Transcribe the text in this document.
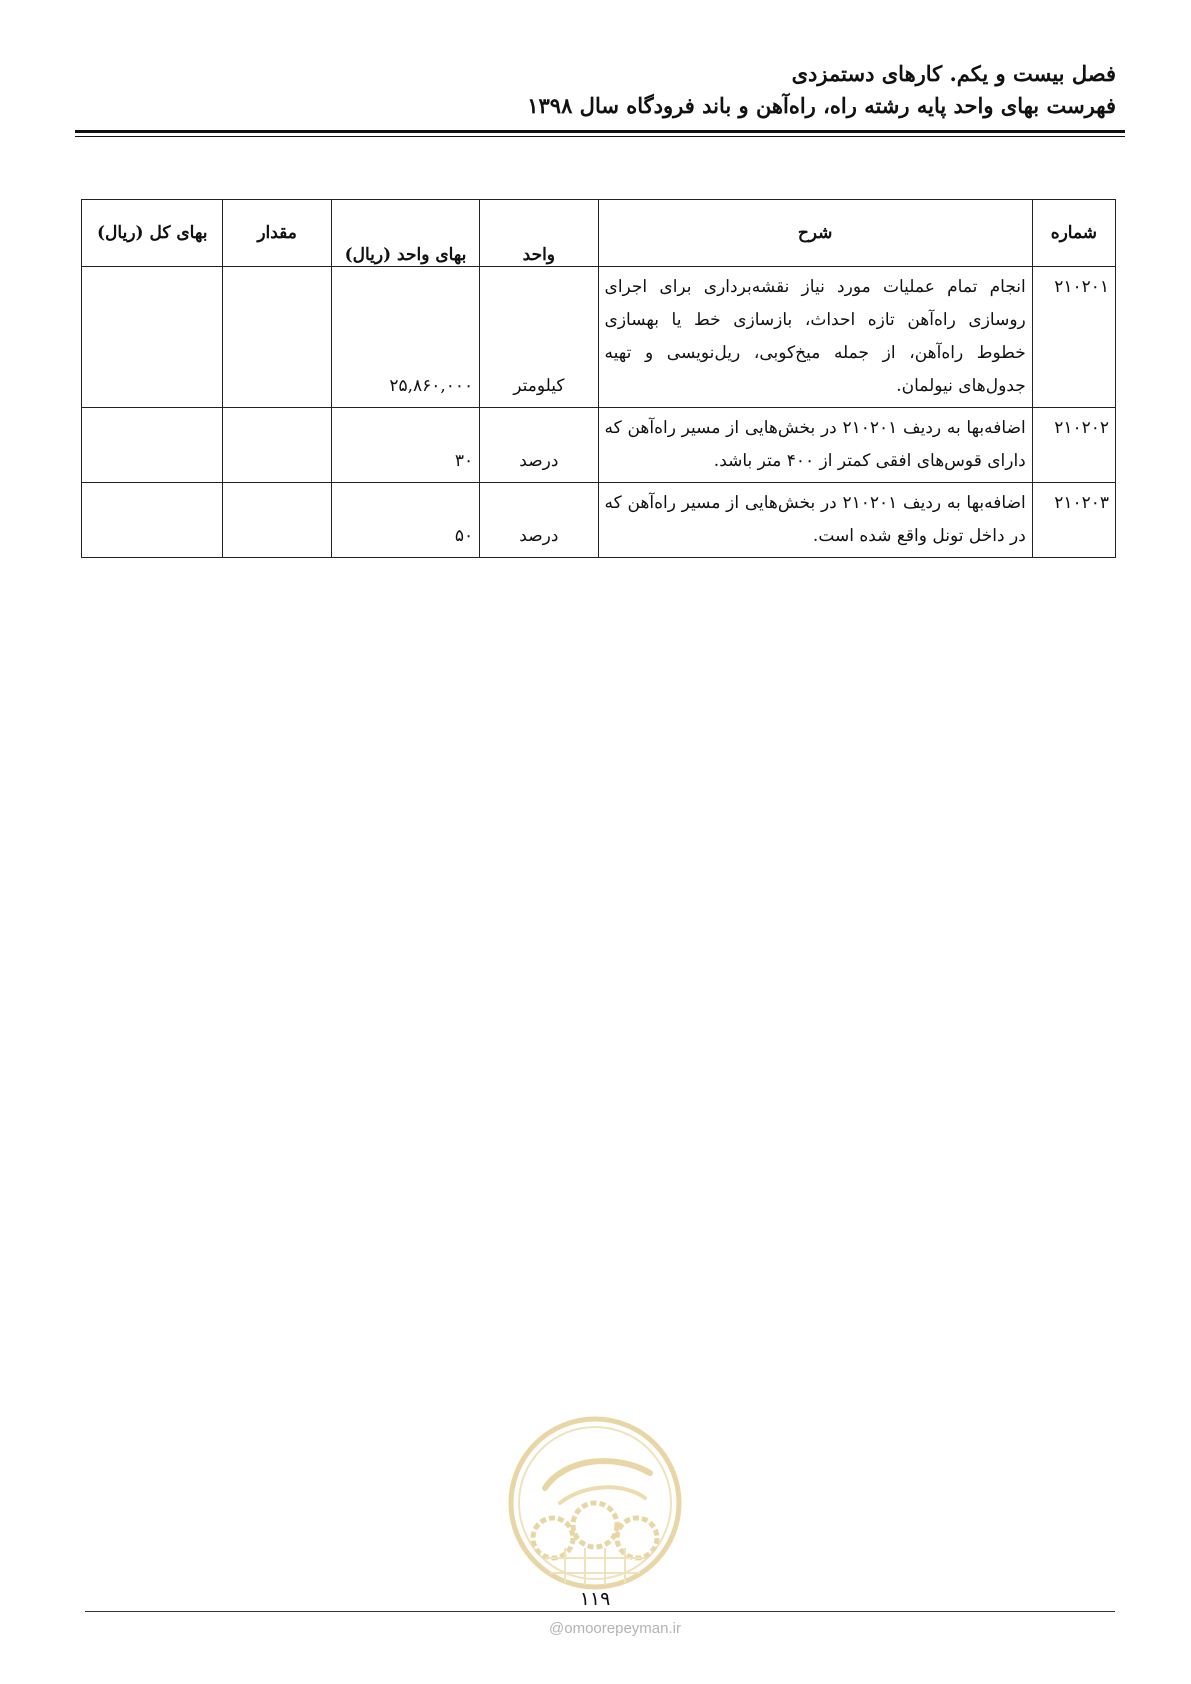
فصل بیست و یکم. کارهای دستمزدی
فهرست بهای واحد پایه رشته راه، راه‌آهن و باند فرودگاه سال ۱۳۹۸
شماره	شرح	واحد	بهای واحد (ریال)	مقدار	بهای کل (ریال)
۲۱۰۲۰۱	انجام تمام عملیات مورد نیاز نقشه‌برداری برای اجرای روسازی راه‌آهن تازه احداث، بازسازی خط یا بهسازی خطوط راه‌آهن، از جمله میخ‌کوبی، ریل‌نویسی و تهیه جدول‌های نیولمان.	کیلومتر	۲۵,۸۶۰,۰۰۰		
۲۱۰۲۰۲	اضافه‌بها به ردیف ۲۱۰۲۰۱ در بخش‌هایی از مسیر راه‌آهن که دارای قوس‌های افقی کمتر از ۴۰۰ متر باشد.	درصد	۳۰		
۲۱۰۲۰۳	اضافه‌بها به ردیف ۲۱۰۲۰۱ در بخش‌هایی از مسیر راه‌آهن که در داخل تونل واقع شده است.	درصد	۵۰		
۱۱۹
@omoorepeyman.ir
